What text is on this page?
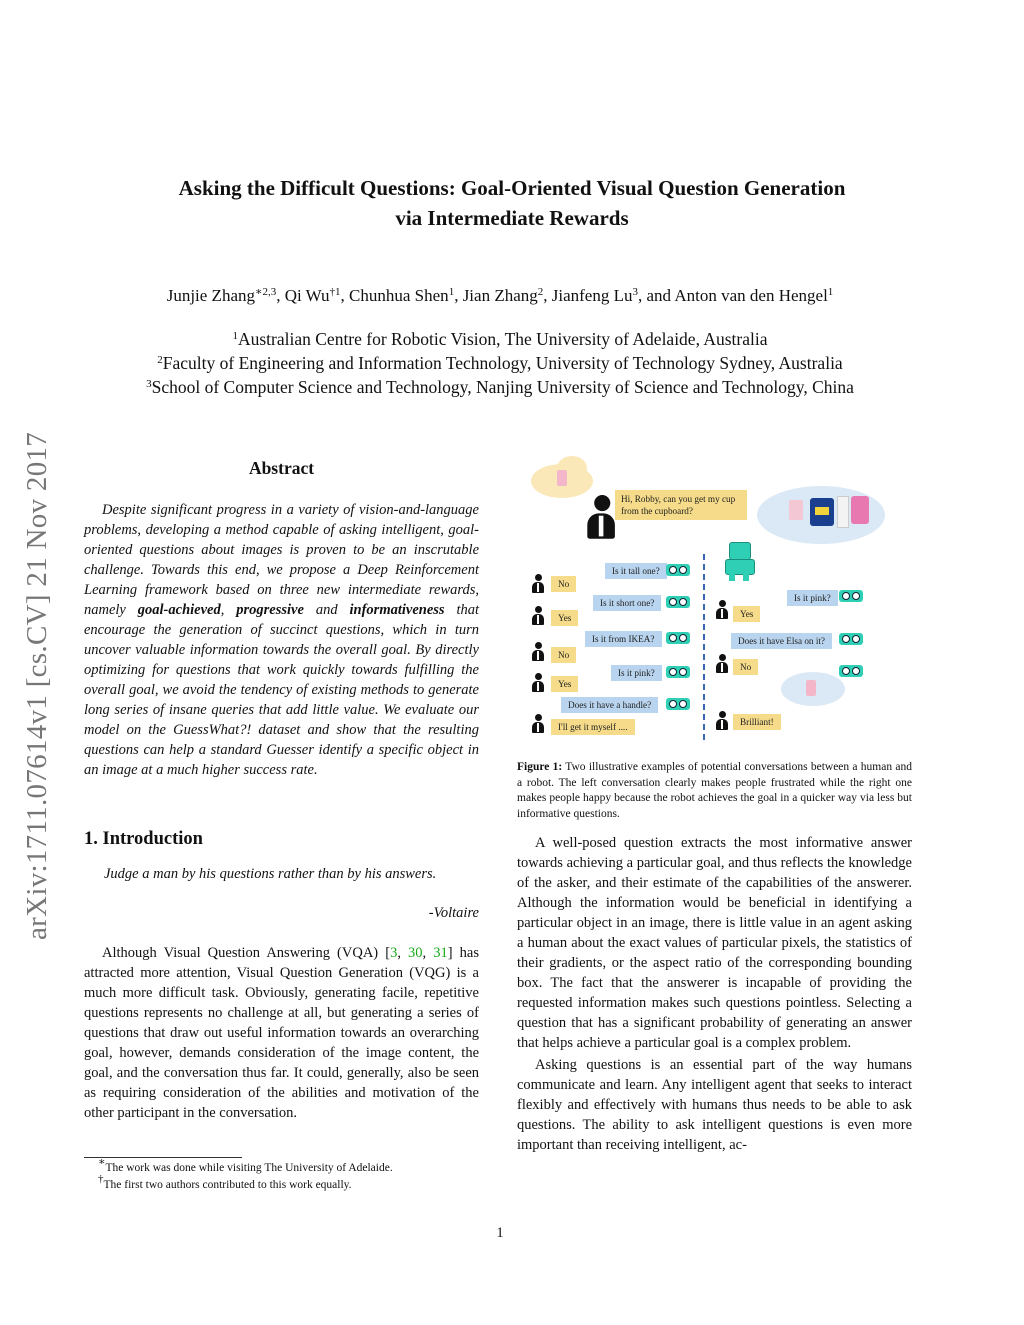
Asking the Difficult Questions: Goal-Oriented Visual Question Generation
via Intermediate Rewards
Junjie Zhang$^{∗2,3}$, Qi Wu$^{\dagger 1}$, Chunhua Shen$^1$, Jian Zhang$^2$, Jianfeng Lu$^3$, and Anton van den Hengel$^1$
$^1$Australian Centre for Robotic Vision, The University of Adelaide, Australia
$^2$Faculty of Engineering and Information Technology, University of Technology Sydney, Australia
$^3$School of Computer Science and Technology, Nanjing University of Science and Technology, China
arXiv:1711.07614v1 [cs.CV] 21 Nov 2017	Abstract
Despite significant progress in a variety of vision-and-language problems, developing a method capable of asking intelligent, goal-oriented questions about images is proven to be an inscrutable challenge. Towards this end, we propose a Deep Reinforcement Learning framework based on three new intermediate rewards, namely goal-achieved, progressive and informativeness that encourage the generation of succinct questions, which in turn uncover valuable information towards the overall goal. By directly optimizing for questions that work quickly towards fulfilling the overall goal, we avoid the tendency of existing methods to generate long series of insane queries that add little value. We evaluate our model on the GuessWhat?! dataset and show that the resulting questions can help a standard Guesser identify a specific object in an image at a much higher success rate.
1. Introduction
Judge a man by his questions rather than by his answers.
-Voltaire
Although Visual Question Answering (VQA) [3, 30, 31] has attracted more attention, Visual Question Generation (VQG) is a much more difficult task. Obviously, generating facile, repetitive questions represents no challenge at all, but generating a series of questions that draw out useful information towards an overarching goal, however, demands consideration of the image content, the goal, and the conversation thus far. It could, generally, also be seen as requiring consideration of the abilities and motivation of the other participant in the conversation.
∗The work was done while visiting The University of Adelaide.
†The first two authors contributed to this work equally.
Hi, Robby, can you get my cup from the cupboard?
Is it tall one?
No
Is it short one?
Yes
Is it from IKEA?
No
Is it pink?
Yes
Does it have a handle?
I'll get it myself ....
Is it pink?
Yes
Does it have Elsa on it?
No
Brilliant!
Figure 1: Two illustrative examples of potential conversations between a human and a robot. The left conversation clearly makes people frustrated while the right one makes people happy because the robot achieves the goal in a quicker way via less but informative questions.

A well-posed question extracts the most informative answer towards achieving a particular goal, and thus reflects the knowledge of the asker, and their estimate of the capabilities of the answerer. Although the information would be beneficial in identifying a particular object in an image, there is little value in an agent asking a human about the exact values of particular pixels, the statistics of their gradients, or the aspect ratio of the corresponding bounding box. The fact that the answerer is incapable of providing the requested information makes such questions pointless. Selecting a question that has a significant probability of generating an answer that helps achieve a particular goal is a complex problem.

Asking questions is an essential part of the way humans communicate and learn. Any intelligent agent that seeks to interact flexibly and effectively with humans thus needs to be able to ask questions. The ability to ask intelligent questions is even more important than receiving intelligent, ac-

1
